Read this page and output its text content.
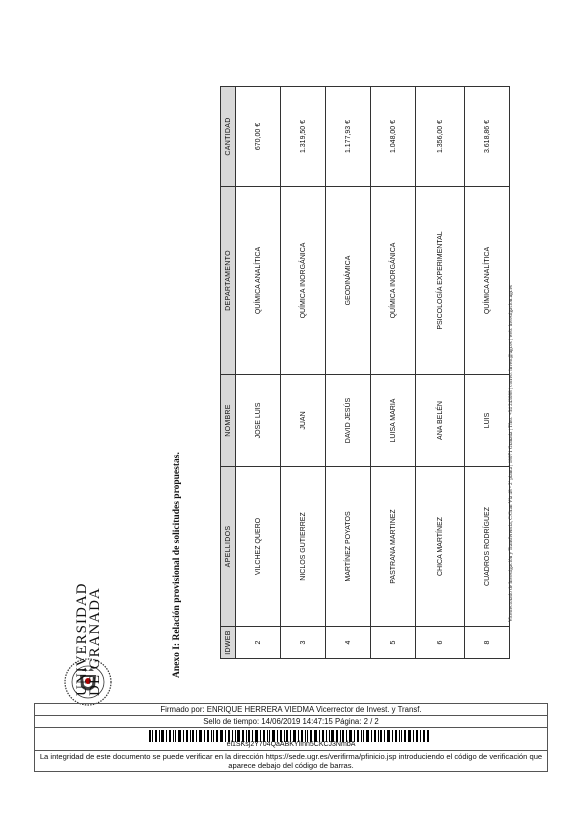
UNIVERSIDAD
DE GRANADA	Anexo I: Relación provisional de solicitudes propuestas.	IDWEB	APELLIDOS	NOMBRE	DEPARTAMENTO	CANTIDAD
2	VILCHEZ QUERO	JOSE LUIS	QUÍMICA ANALÍTICA	670,00 €
3	NICLOS GUTIERREZ	JUAN	QUÍMICA INORGÁNICA	1.319,50 €
4	MARTÍNEZ POYATOS	DAVID JESÚS	GEODINÁMICA	1.177,93 €
5	PASTRANA MARTINEZ	LUISA MARIA	QUÍMICA INORGÁNICA	1.048,00 €
6	CHICA MARTÍNEZ	ANA BELÉN	PSICOLOGÍA EXPERIMENTAL	1.356,00 €
8	CUADROS RODRÍGUEZ	LUIS	QUÍMICA ANALÍTICA	3.618,86 €
Vicerrectorado de Investigación y Transferencia, C/Gran Vía 48 - 2ª planta | 18071 Granada | Tfno. +34 243088 | correo: invest@ugr.es | web: investigacion.ugr.es
Firmado por: ENRIQUE HERRERA VIEDMA Vicerrector de Invest. y Transf.
Sello de tiempo: 14/06/2019 14:47:15 Página: 2 / 2
el1SKsj2Y704QaABKYlInn5CKCJ3NmbA
La integridad de este documento se puede verificar en la dirección https://sede.ugr.es/verifirma/pfinicio.jsp introduciendo el código de verificación que aparece debajo del código de barras.
